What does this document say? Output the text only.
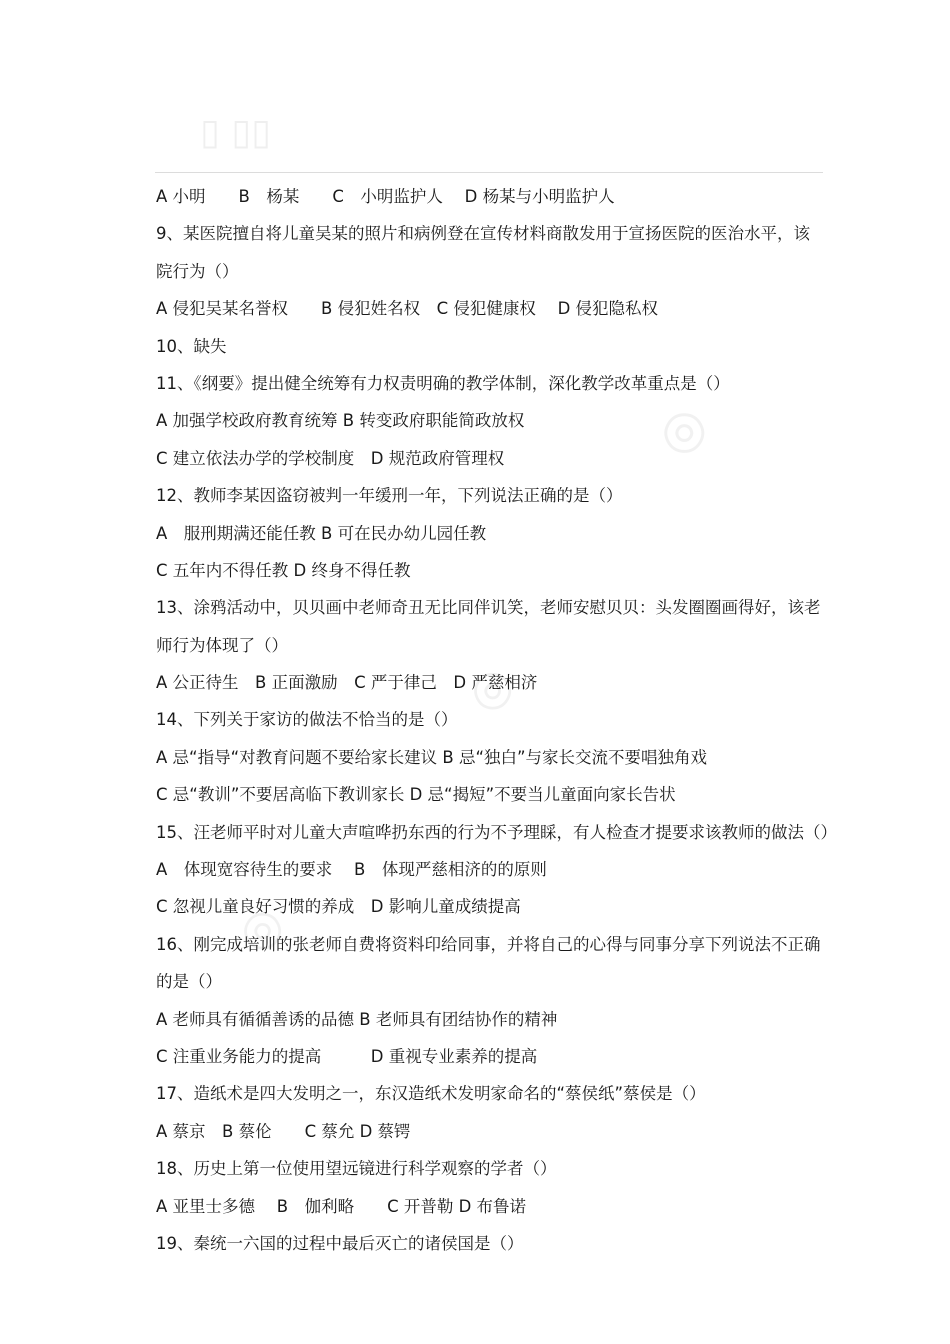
▯ ▯▯
◎
◎
◎
A 小明　　B　杨某　　C　小明监护人　 D 杨某与小明监护人
9、某医院擅自将儿童吴某的照片和病例登在宣传材料商散发用于宣扬医院的医治水平，该
院行为（）
A 侵犯吴某名誉权　　B 侵犯姓名权　C 侵犯健康权　 D 侵犯隐私权
10、缺失
11、《纲要》提出健全统筹有力权责明确的教学体制，深化教学改革重点是（）
A 加强学校政府教育统筹 B 转变政府职能简政放权
C 建立依法办学的学校制度　D 规范政府管理权
12、教师李某因盗窃被判一年缓刑一年，下列说法正确的是（）
A　服刑期满还能任教 B 可在民办幼儿园任教
C 五年内不得任教 D 终身不得任教
13、涂鸦活动中，贝贝画中老师奇丑无比同伴讥笑，老师安慰贝贝：头发圈圈画得好，该老
师行为体现了（）
A 公正待生　B 正面激励　C 严于律己　D 严慈相济
14、下列关于家访的做法不恰当的是（）
A 忌“指导“对教育问题不要给家长建议 B 忌“独白”与家长交流不要唱独角戏
C 忌“教训”不要居高临下教训家长 D 忌“揭短”不要当儿童面向家长告状
15、汪老师平时对儿童大声喧哗扔东西的行为不予理睬，有人检查才提要求该教师的做法（）
A　体现宽容待生的要求　 B　体现严慈相济的的原则
C 忽视儿童良好习惯的养成　D 影响儿童成绩提高
16、刚完成培训的张老师自费将资料印给同事，并将自己的心得与同事分享下列说法不正确
的是（）
A 老师具有循循善诱的品德 B 老师具有团结协作的精神
C 注重业务能力的提高　　　D 重视专业素养的提高
17、造纸术是四大发明之一，东汉造纸术发明家命名的“蔡侯纸”蔡侯是（）
A 蔡京　B 蔡伦　　C 蔡允 D 蔡锷
18、历史上第一位使用望远镜进行科学观察的学者（）
A 亚里士多德　 B　伽利略　　C 开普勒 D 布鲁诺
19、秦统一六国的过程中最后灭亡的诸侯国是（）
